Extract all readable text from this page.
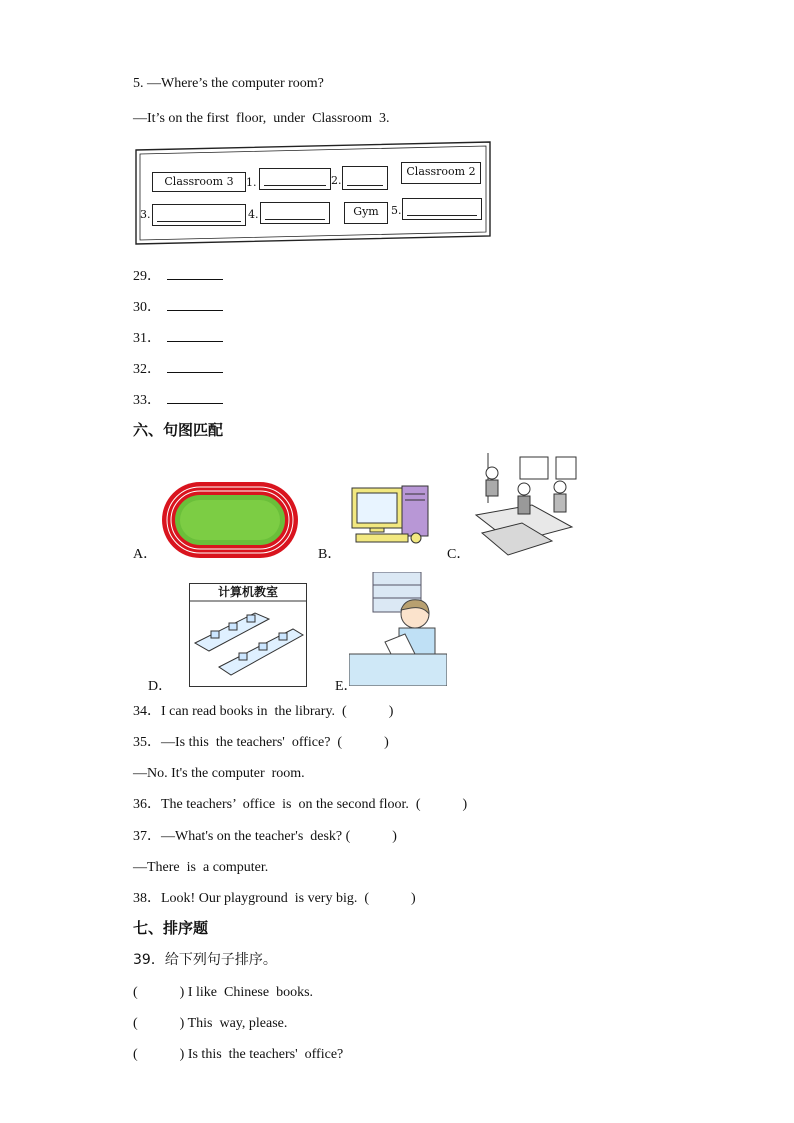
5. —Where’s the computer room?
—It’s on the first  floor,  under  Classroom  3.
Classroom 3	1.	2.
Classroom 2
3.	4.	Gym	5.
29．
30．
31．
32．
33．
六、句图匹配
A．	B．	C．
计算机教室
D．	E．
34．I can read books in  the library.  (            )
35．—Is this  the teachers'  office?  (            )
—No. It's the computer  room.
36．The teachers’  office  is  on the second floor.  (            )
37．—What's on the teacher's  desk? (            )
—There  is  a computer.
38．Look! Our playground  is very big.  (            )
七、排序题
39．给下列句子排序。
(            ) I like  Chinese  books.
(            ) This  way, please.
(            ) Is this  the teachers'  office?
